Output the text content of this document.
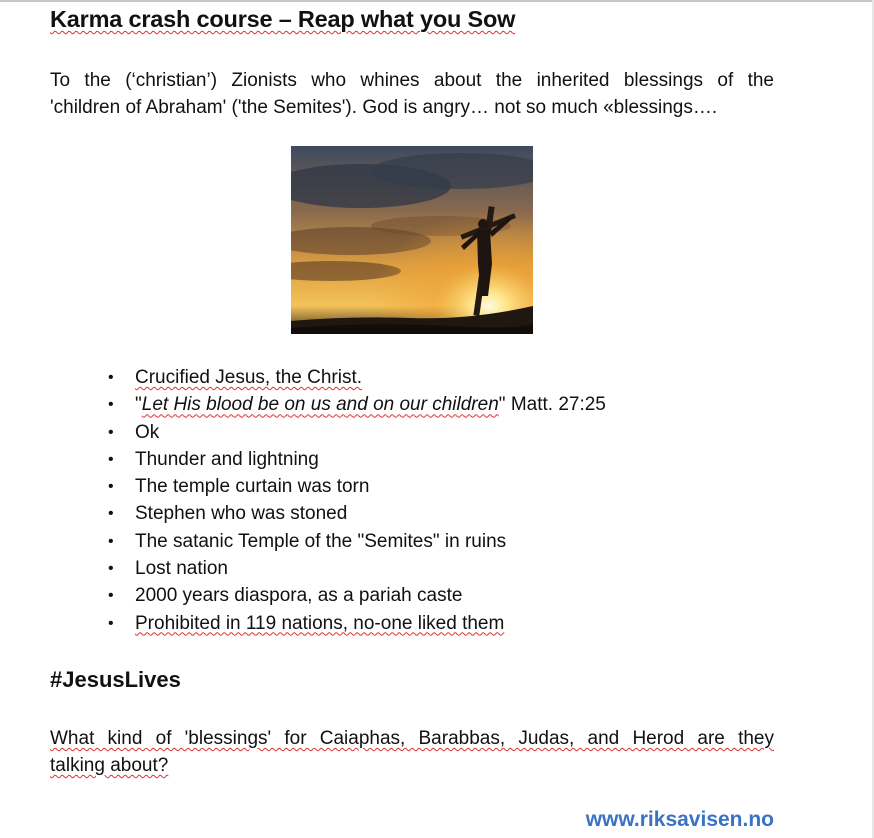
Karma crash course – Reap what you Sow
To the (‘christian’) Zionists who whines about the inherited blessings of the
'children of Abraham' ('the Semites'). God is angry… not so much «blessings….
• Crucified Jesus, the Christ.
• "Let His blood be on us and on our children" Matt. 27:25
• Ok
• Thunder and lightning
• The temple curtain was torn
• Stephen who was stoned
• The satanic Temple of the "Semites" in ruins
• Lost nation
• 2000 years diaspora, as a pariah caste
• Prohibited in 119 nations, no-one liked them
#JesusLives
What kind of 'blessings' for Caiaphas, Barabbas, Judas, and Herod are they
talking about?
www.riksavisen.no
